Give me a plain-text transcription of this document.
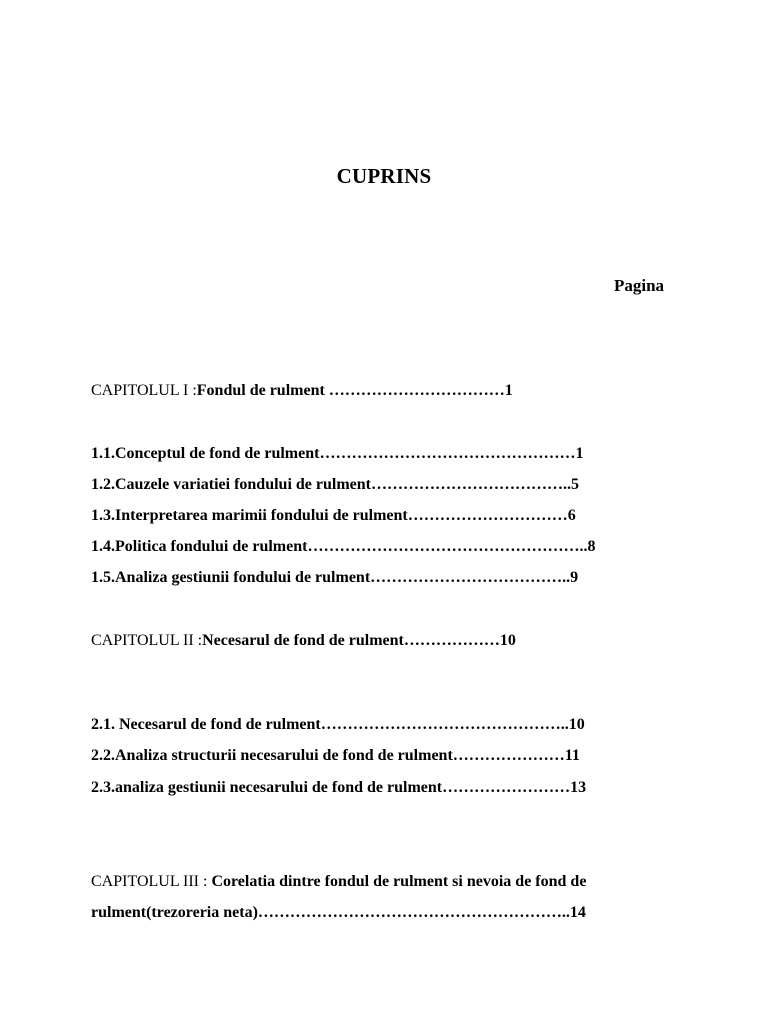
CUPRINS
Pagina
CAPITOLUL I :Fondul de rulment ……………………………1
1.1.Conceptul de fond de rulment…………………………………………1
1.2.Cauzele variatiei fondului de rulment………………………………..5
1.3.Interpretarea marimii fondului de rulment…………………………6
1.4.Politica fondului de rulment……………………………………………..8
1.5.Analiza gestiunii fondului de rulment………………………………..9
CAPITOLUL II :Necesarul de fond de rulment………………10
2.1. Necesarul de fond de rulment………………………………………..10
2.2.Analiza structurii necesarului de fond de rulment…………………11
2.3.analiza gestiunii necesarului de fond de rulment……………………13
CAPITOLUL III : Corelatia dintre fondul de rulment si nevoia de fond de
rulment(trezoreria neta)…………………………………………………..14
